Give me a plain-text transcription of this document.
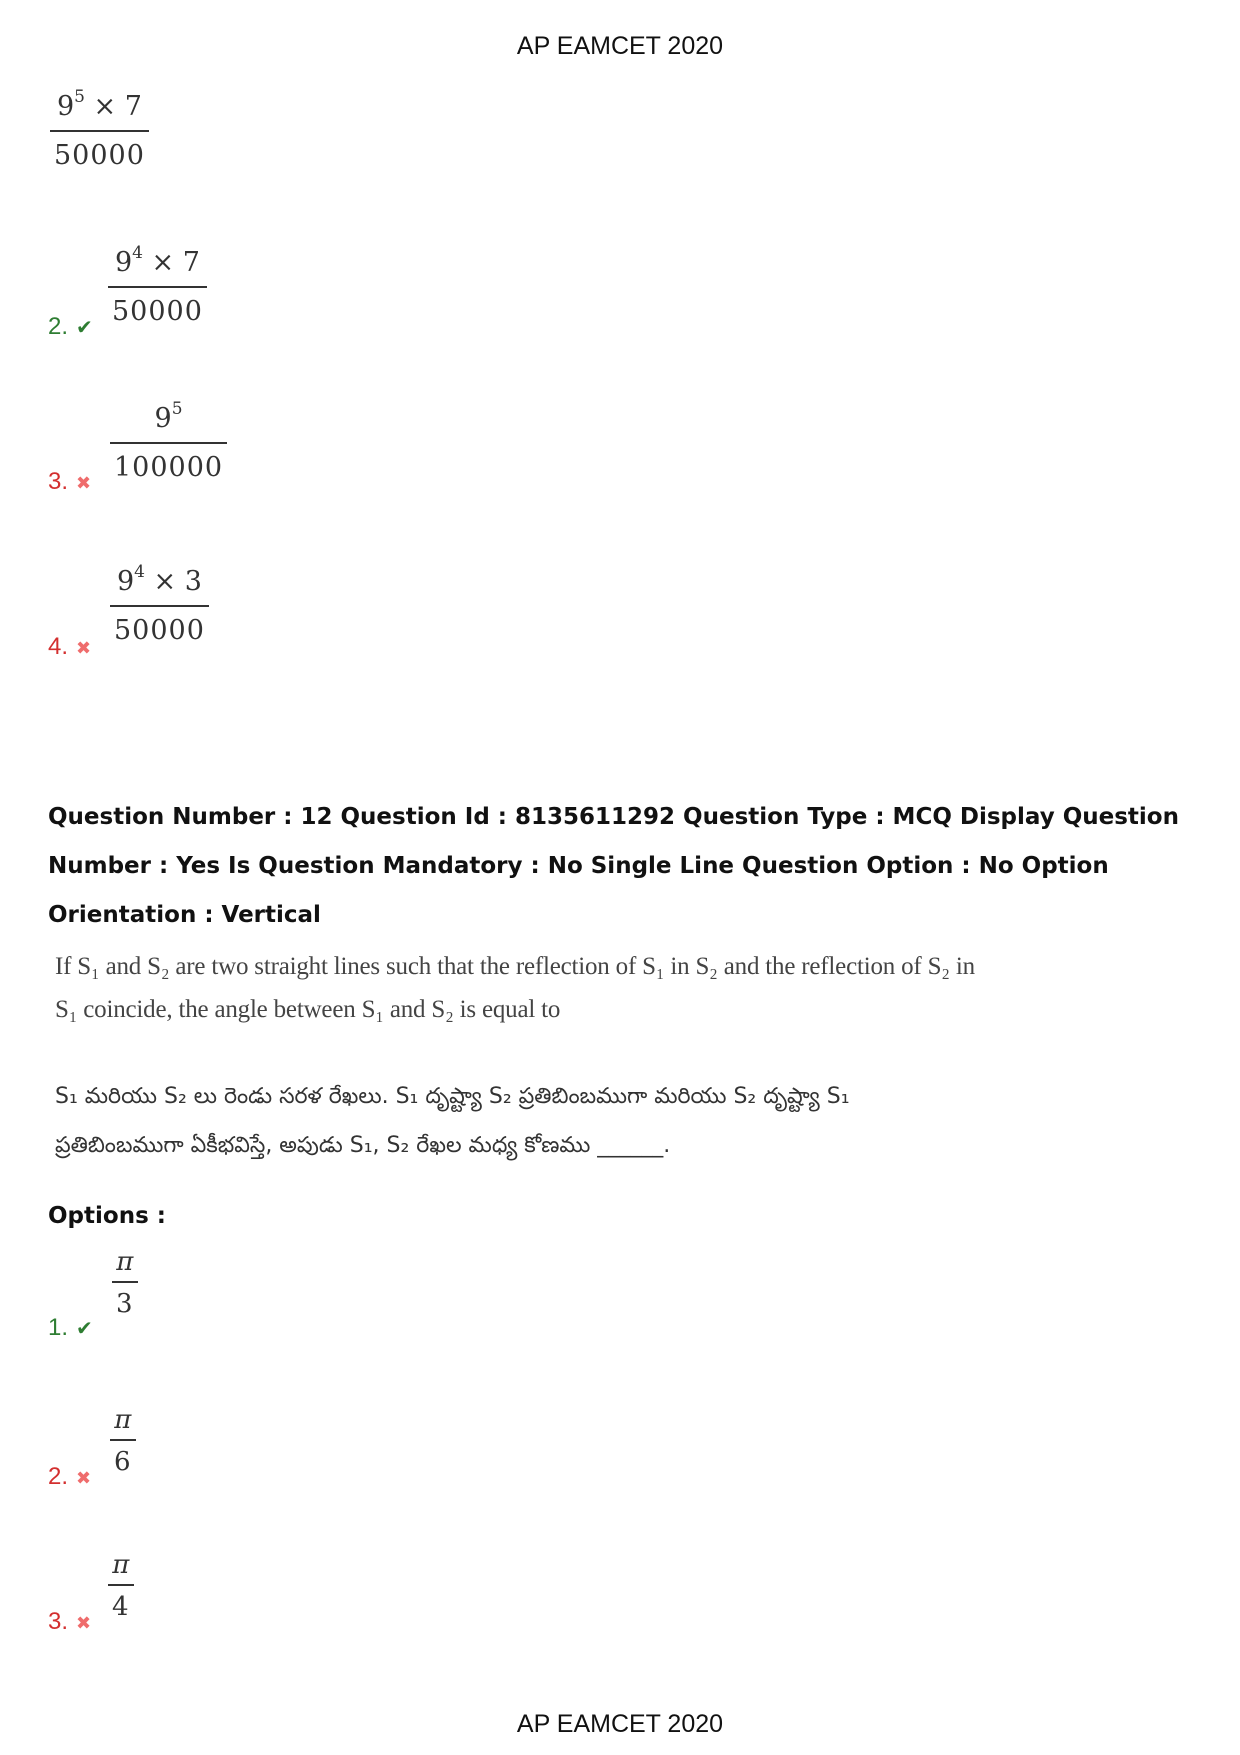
AP EAMCET 2020
$9^5 \times 7$
50000
2. ✔
$9^4 \times 7$
50000
3. ✖
$9^5$
100000
4. ✖
$9^4 \times 3$
50000
Question Number : 12 Question Id : 8135611292 Question Type : MCQ Display Question Number : Yes Is Question Mandatory : No Single Line Question Option : No Option Orientation : Vertical
If S₁ and S₂ are two straight lines such that the reflection of S₁ in S₂ and the reflection of S₂ in
S₁ coincide, the angle between S₁ and S₂ is equal to
S₁ మరియు S₂ లు రెండు సరళ రేఖలు. S₁ దృష్ట్యా S₂ ప్రతిబింబముగా మరియు S₂ దృష్ట్యా S₁
ప్రతిబింబముగా ఏకీభవిస్తే, అపుడు S₁, S₂ రేఖల మధ్య కోణము ______.
Options :
1. ✔
π
3
2. ✖
π
6
3. ✖
π
4
AP EAMCET 2020
